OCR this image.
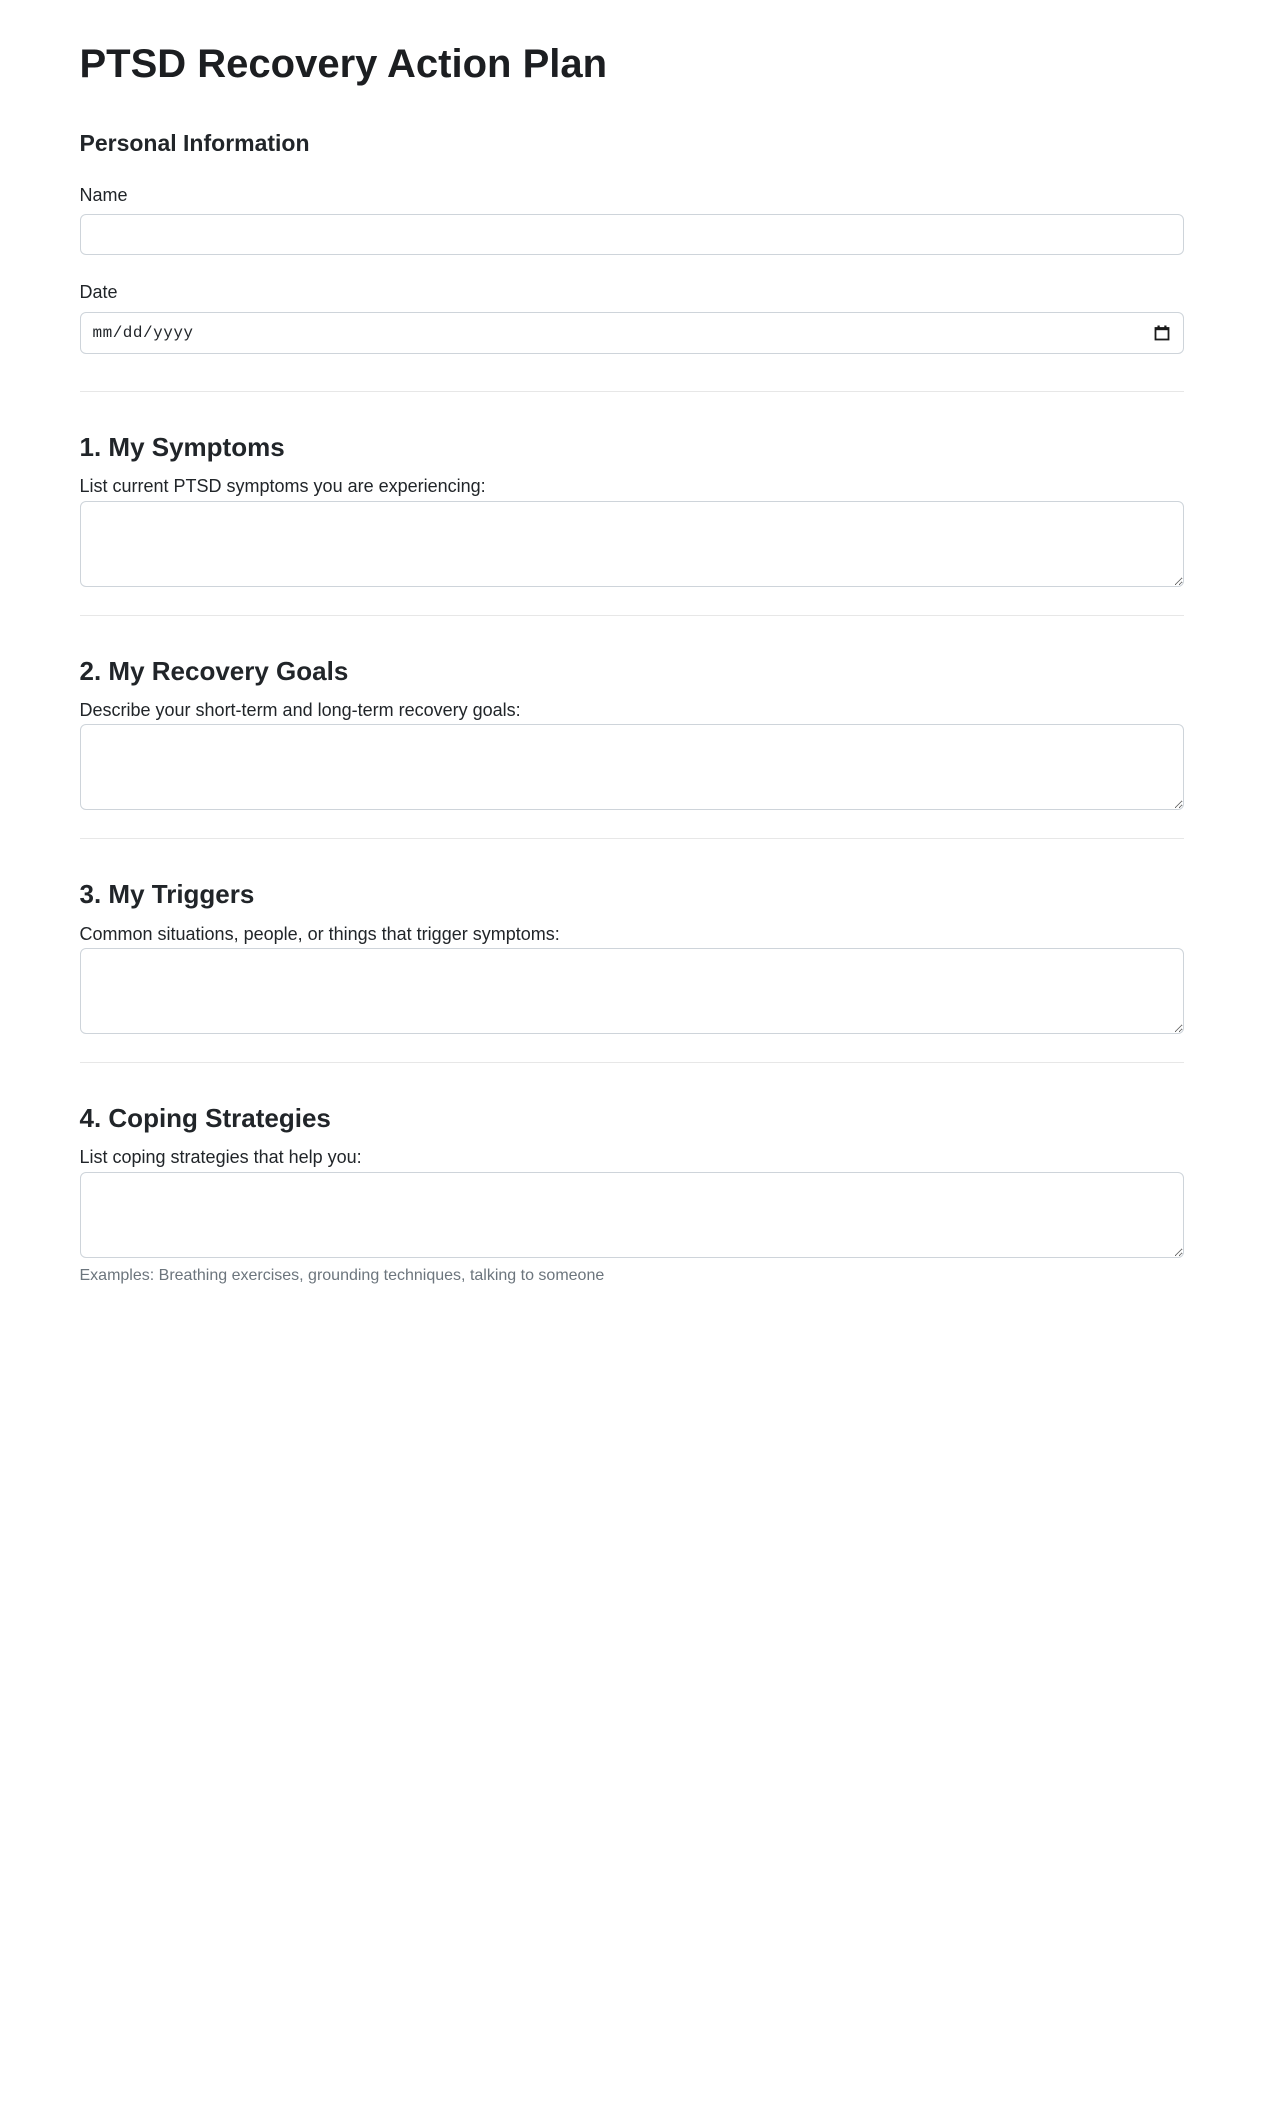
PTSD Recovery Action Plan
Personal Information
Name
Date
mm/dd/yyyy
1. My Symptoms

List current PTSD symptoms you are experiencing:

2. My Recovery Goals

Describe your short-term and long-term recovery goals:

3. My Triggers

Common situations, people, or things that trigger symptoms:

4. Coping Strategies

List coping strategies that help you:

Examples: Breathing exercises, grounding techniques, talking to someone
